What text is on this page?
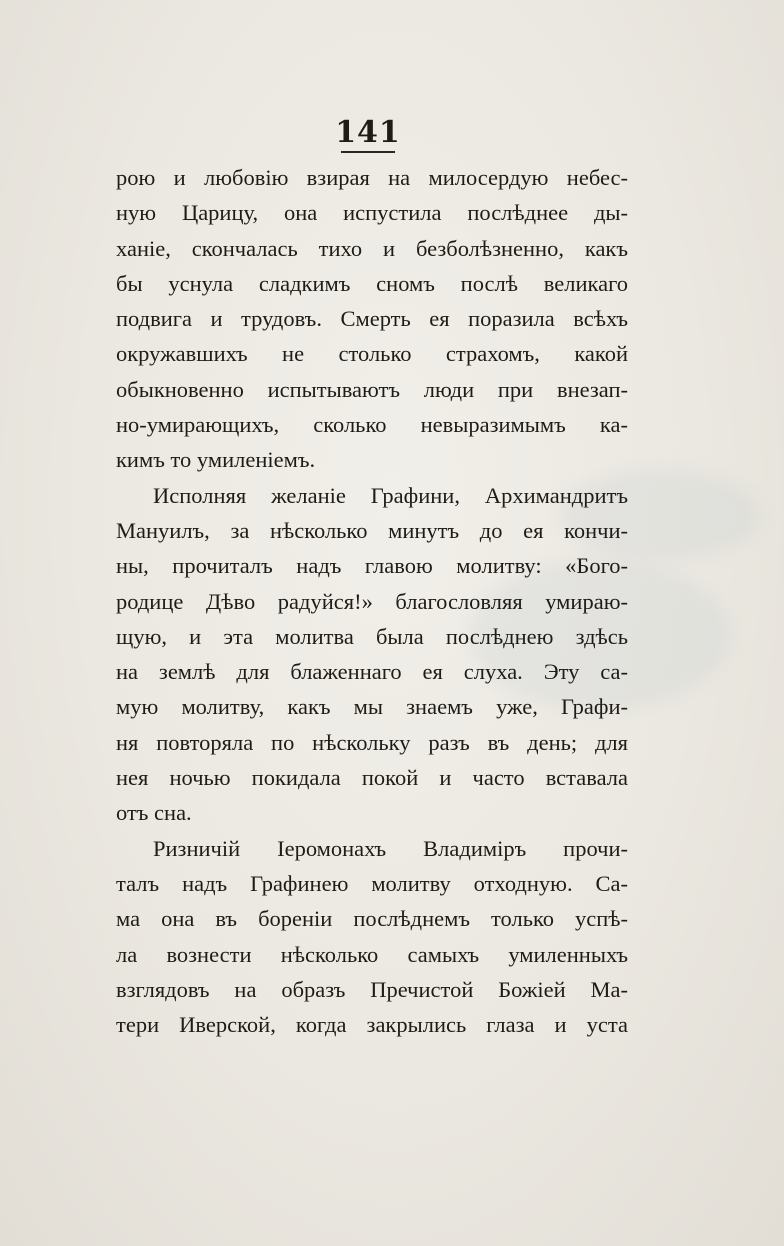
141
рою и любовію взирая на милосердую небес-
ную Царицу, она испустила послѣднее ды-
ханіе, скончалась тихо и безболѣзненно, какъ
бы уснула сладкимъ сномъ послѣ великаго
подвига и трудовъ. Смерть ея поразила всѣхъ
окружавшихъ не столько страхомъ, какой
обыкновенно испытываютъ люди при внезап-
но-умирающихъ, сколько невыразимымъ ка-
кимъ то умиленіемъ.
Исполняя желаніе Графини, Архимандритъ
Мануилъ, за нѣсколько минутъ до ея кончи-
ны, прочиталъ надъ главою молитву: «Бого-
родице Дѣво радуйся!» благословляя умираю-
щую, и эта молитва была послѣднею здѣсь
на землѣ для блаженнаго ея слуха. Эту са-
мую молитву, какъ мы знаемъ уже, Графи-
ня повторяла по нѣскольку разъ въ день; для
нея ночью покидала покой и часто вставала
отъ сна.
Ризничій Іеромонахъ Владиміръ прочи-
талъ надъ Графинею молитву отходную. Са-
ма она въ бореніи послѣднемъ только успѣ-
ла вознести нѣсколько самыхъ умиленныхъ
взглядовъ на образъ Пречистой Божіей Ма-
тери Иверской, когда закрылись глаза и уста
